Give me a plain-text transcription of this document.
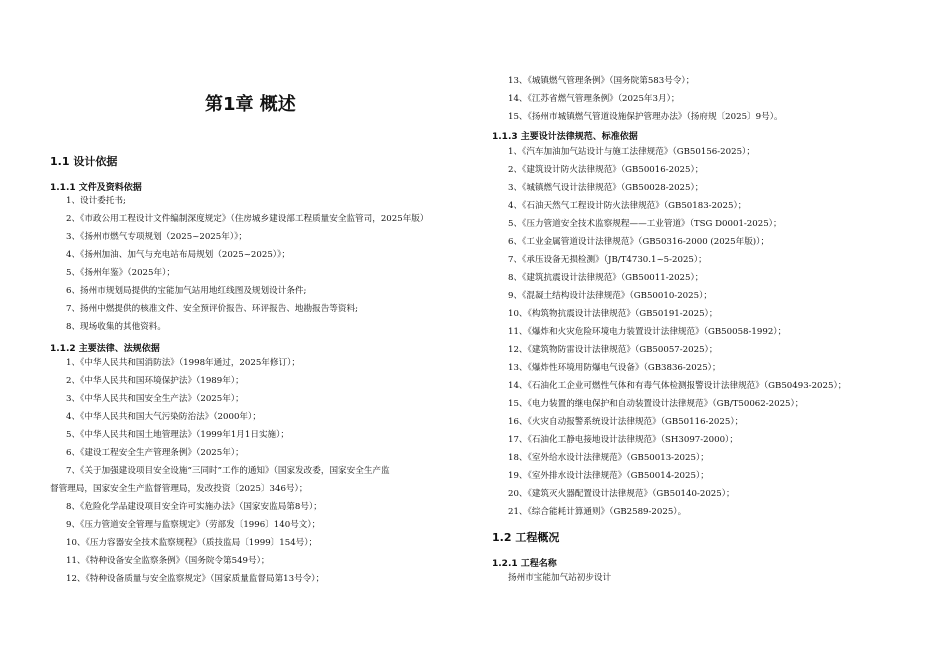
第1章 概述
1.1 设计依据
1.1.1 文件及资料依据
1、设计委托书;
2、《市政公用工程设计文件编制深度规定》（住房城乡建设部工程质量安全监管司，2025年版）
3、《扬州市燃气专项规划（2025~2025年）》；
4、《扬州加油、加气与充电站布局规划（2025~2025）》；
5、《扬州年鉴》（2025年）；
6、扬州市规划局提供的宝能加气站用地红线图及规划设计条件;
7、扬州中燃提供的核准文件、安全预评价报告、环评报告、地勘报告等资料;
8、现场收集的其他资料。
1.1.2 主要法律、法规依据
1、《中华人民共和国消防法》（1998年通过，2025年修订）；
2、《中华人民共和国环境保护法》（1989年）；
3、《中华人民共和国安全生产法》（2025年）；
4、《中华人民共和国大气污染防治法》（2000年）；
5、《中华人民共和国土地管理法》（1999年1月1日实施）；
6、《建设工程安全生产管理条例》（2025年）；
7、《关于加强建设项目安全设施“三同时”工作的通知》（国家发改委，国家安全生产监
督管理局，国家安全生产监督管理局，发改投资〔2025〕346号）；
8、《危险化学品建设项目安全许可实施办法》（国家安监局第8号）；
9、《压力管道安全管理与监察规定》（劳部发〔1996〕140号文）；
10、《压力容器安全技术监察规程》（质技监局〔1999〕154号）；
11、《特种设备安全监察条例》（国务院令第549号）；
12、《特种设备质量与安全监察规定》（国家质量监督局第13号令）；
13、《城镇燃气管理条例》（国务院第583号令）；
14、《江苏省燃气管理条例》（2025年3月）；
15、《扬州市城镇燃气管道设施保护管理办法》（扬府规〔2025〕9号）。
1.1.3 主要设计法律规范、标准依据
1、《汽车加油加气站设计与施工法律规范》（GB50156-2025）；
2、《建筑设计防火法律规范》（GB50016-2025）；
3、《城镇燃气设计法律规范》（GB50028-2025）；
4、《石油天然气工程设计防火法律规范》（GB50183-2025）；
5、《压力管道安全技术监察规程——工业管道》（TSG D0001-2025）；
6、《工业金属管道设计法律规范》（GB50316-2000 (2025年版)）；
7、《承压设备无损检测》（JB/T4730.1~5-2025）；
8、《建筑抗震设计法律规范》（GB50011-2025）；
9、《混凝土结构设计法律规范》（GB50010-2025）；
10、《构筑物抗震设计法律规范》（GB50191-2025）；
11、《爆炸和火灾危险环境电力装置设计法律规范》（GB50058-1992）；
12、《建筑物防雷设计法律规范》（GB50057-2025）；
13、《爆炸性环境用防爆电气设备》（GB3836-2025）；
14、《石油化工企业可燃性气体和有毒气体检测报警设计法律规范》（GB50493-2025）；
15、《电力装置的继电保护和自动装置设计法律规范》（GB/T50062-2025）；
16、《火灾自动报警系统设计法律规范》（GB50116-2025）；
17、《石油化工静电接地设计法律规范》（SH3097-2000）；
18、《室外给水设计法律规范》（GB50013-2025）；
19、《室外排水设计法律规范》（GB50014-2025）；
20、《建筑灭火器配置设计法律规范》（GB50140-2025）；
21、《综合能耗计算通则》（GB2589-2025）。
1.2 工程概况
1.2.1 工程名称
扬州市宝能加气站初步设计
